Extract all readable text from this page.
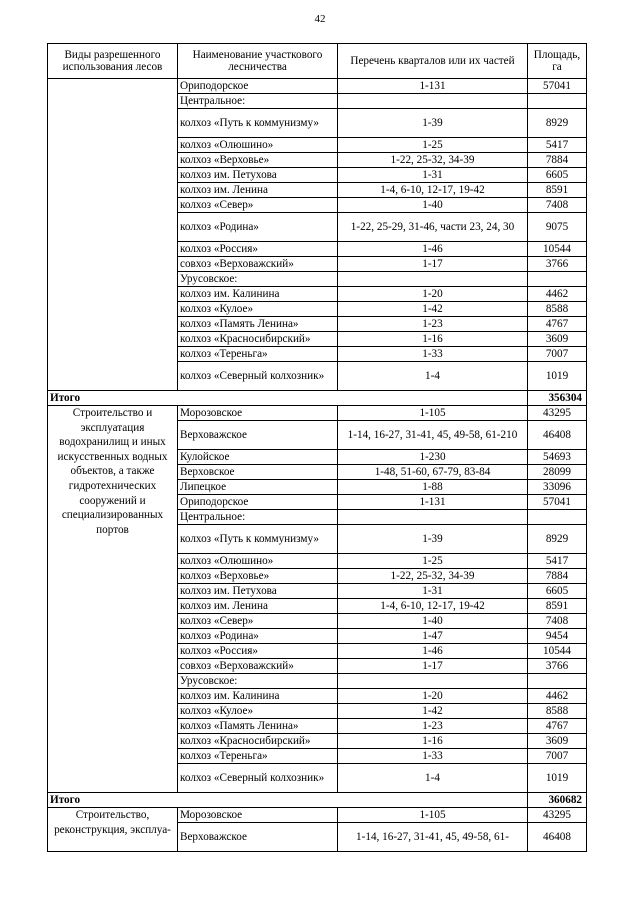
42
Виды разрешенного использования лесов	Наименование участкового лесничества	Перечень кварталов или их частей	Площадь, га
	Ориподорское	1-131	57041
	Центральное:		
	колхоз «Путь к коммунизму»	1-39	8929
	колхоз «Олюшино»	1-25	5417
	колхоз «Верховье»	1-22, 25-32, 34-39	7884
	колхоз им. Петухова	1-31	6605
	колхоз им. Ленина	1-4, 6-10, 12-17, 19-42	8591
	колхоз «Север»	1-40	7408
	колхоз «Родина»	1-22, 25-29, 31-46, части 23, 24, 30	9075
	колхоз «Россия»	1-46	10544
	совхоз «Верховажский»	1-17	3766
	Урусовское:		
	колхоз им. Калинина	1-20	4462
	колхоз «Кулое»	1-42	8588
	колхоз «Память Ленина»	1-23	4767
	колхоз «Красносибирский»	1-16	3609
	колхоз «Тереньга»	1-33	7007
	колхоз «Северный колхозник»	1-4	1019
Итого			356304
Строительство и эксплуатация водохранилищ и иных искусственных водных объектов, а также гидротехнических сооружений и специализированных портов	Морозовское	1-105	43295
	Верховажское	1-14, 16-27, 31-41, 45, 49-58, 61-210	46408
	Кулойское	1-230	54693
	Верховское	1-48, 51-60, 67-79, 83-84	28099
	Липецкое	1-88	33096
	Ориподорское	1-131	57041
	Центральное:		
	колхоз «Путь к коммунизму»	1-39	8929
	колхоз «Олюшино»	1-25	5417
	колхоз «Верховье»	1-22, 25-32, 34-39	7884
	колхоз им. Петухова	1-31	6605
	колхоз им. Ленина	1-4, 6-10, 12-17, 19-42	8591
	колхоз «Север»	1-40	7408
	колхоз «Родина»	1-47	9454
	колхоз «Россия»	1-46	10544
	совхоз «Верховажский»	1-17	3766
	Урусовское:		
	колхоз им. Калинина	1-20	4462
	колхоз «Кулое»	1-42	8588
	колхоз «Память Ленина»	1-23	4767
	колхоз «Красносибирский»	1-16	3609
	колхоз «Тереньга»	1-33	7007
	колхоз «Северный колхозник»	1-4	1019
Итого			360682
Строительство, реконструкция, эксплуа-	Морозовское	1-105	43295
	Верховажское	1-14, 16-27, 31-41, 45, 49-58, 61-	46408
